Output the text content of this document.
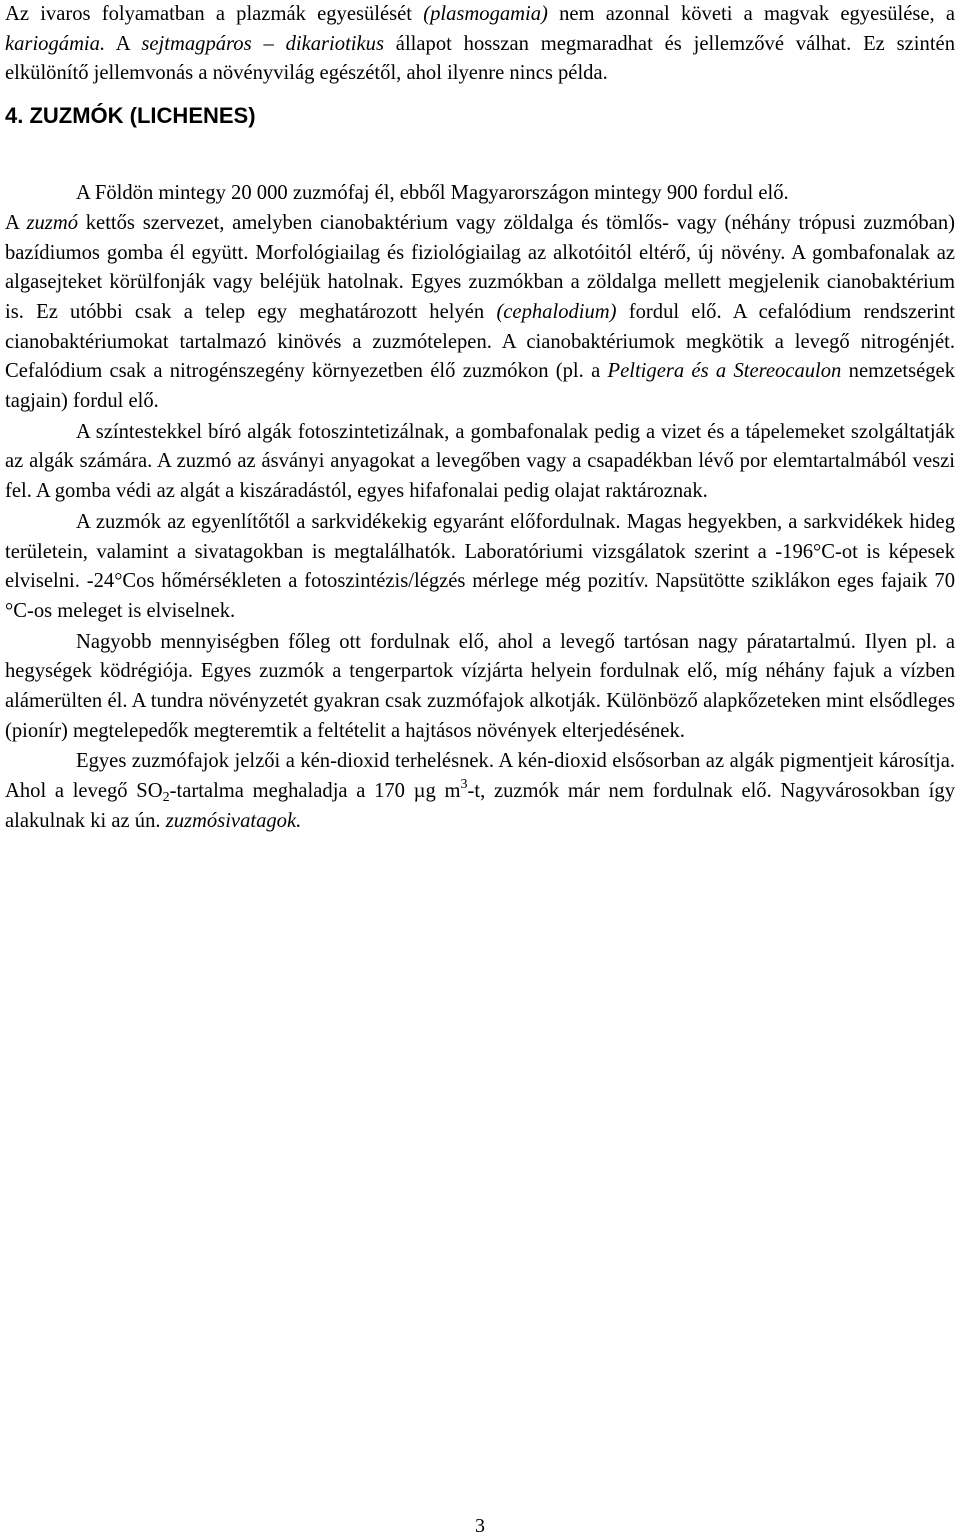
Az ivaros folyamatban a plazmák egyesülését (plasmogamia) nem azonnal követi a magvak egyesülése, a kariogámia. A sejtmagpáros – dikariotikus állapot hosszan megmaradhat és jellemzővé válhat. Ez szintén elkülönítő jellemvonás a növényvilág egészétől, ahol ilyenre nincs példa.

4. ZUZMÓK (LICHENES)

A Földön mintegy 20 000 zuzmófaj él, ebből Magyarországon mintegy 900 fordul elő.

A zuzmó kettős szervezet, amelyben cianobaktérium vagy zöldalga és tömlős- vagy (néhány trópusi zuzmóban) bazídiumos gomba él együtt. Morfológiailag és fiziológiailag az alkotóitól eltérő, új növény. A gombafonalak az algasejteket körülfonják vagy beléjük hatolnak. Egyes zuzmókban a zöldalga mellett megjelenik cianobaktérium is. Ez utóbbi csak a telep egy meghatározott helyén (cephalodium) fordul elő. A cefalódium rendszerint cianobaktériumokat tartalmazó kinövés a zuzmótelepen. A cianobaktériumok megkötik a levegő nitrogénjét. Cefalódium csak a nitrogénszegény környezetben élő zuzmókon (pl. a Peltigera és a Stereocaulon nemzetségek tagjain) fordul elő.

A színtestekkel bíró algák fotoszintetizálnak, a gombafonalak pedig a vizet és a tápelemeket szolgáltatják az algák számára. A zuzmó az ásványi anyagokat a levegőben vagy a csapadékban lévő por elemtartalmából veszi fel. A gomba védi az algát a kiszáradástól, egyes hifafonalai pedig olajat raktároznak.

A zuzmók az egyenlítőtől a sarkvidékekig egyaránt előfordulnak. Magas hegyekben, a sarkvidékek hideg területein, valamint a sivatagokban is megtalálhatók. Laboratóriumi vizsgálatok szerint a -196°C-ot is képesek elviselni. -24°Cos hőmérsékleten a fotoszintézis/légzés mérlege még pozitív. Napsütötte sziklákon eges fajaik 70 °C-os meleget is elviselnek.

Nagyobb mennyiségben főleg ott fordulnak elő, ahol a levegő tartósan nagy páratartalmú. Ilyen pl. a hegységek ködrégiója. Egyes zuzmók a tengerpartok vízjárta helyein fordulnak elő, míg néhány fajuk a vízben alámerülten él. A tundra növényzetét gyakran csak zuzmófajok alkotják. Különböző alapkőzeteken mint elsődleges (pionír) megtelepedők megteremtik a feltételit a hajtásos növények elterjedésének.

Egyes zuzmófajok jelzői a kén-dioxid terhelésnek. A kén-dioxid elsősorban az algák pigmentjeit károsítja. Ahol a levegő $SO_2$-tartalma meghaladja a 170 µg $m^3-t$, zuzmók már nem fordulnak elő. Nagyvárosokban így alakulnak ki az ún. zuzmósivatagok.

3
